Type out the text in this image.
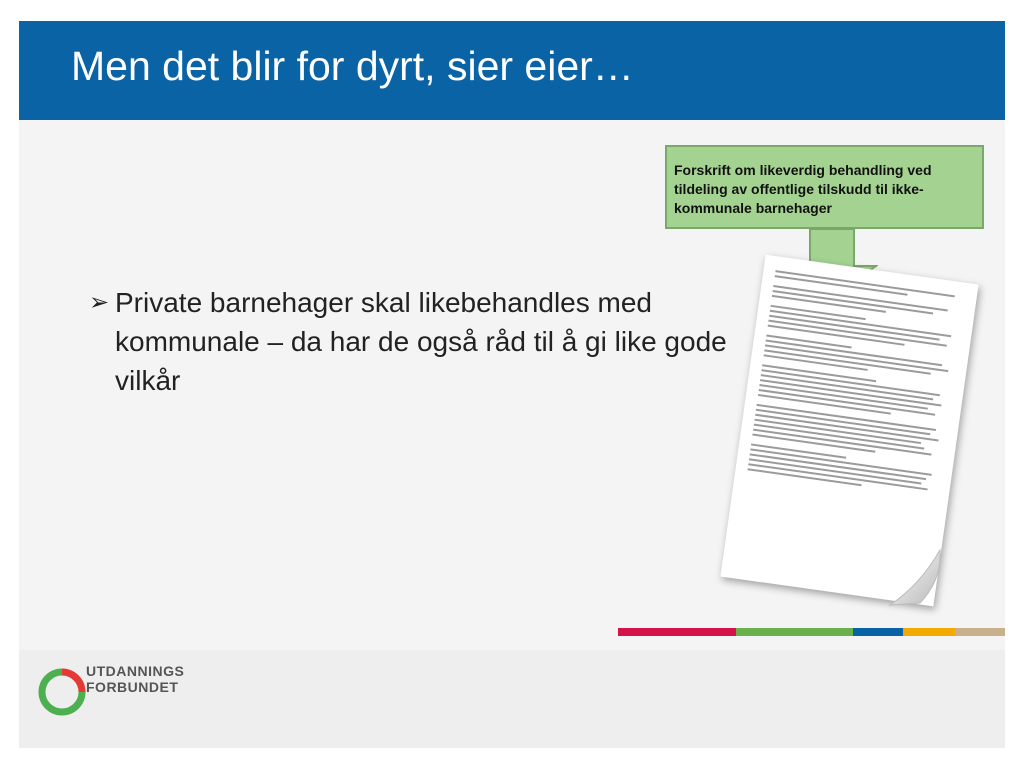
Men det blir for dyrt, sier eier…
➢ Private barnehager skal likebehandles med kommunale – da har de også råd til å gi like gode vilkår
Forskrift om likeverdig behandling ved tildeling av offentlige tilskudd til ikke-kommunale barnehager
UTDANNINGS
FORBUNDET
